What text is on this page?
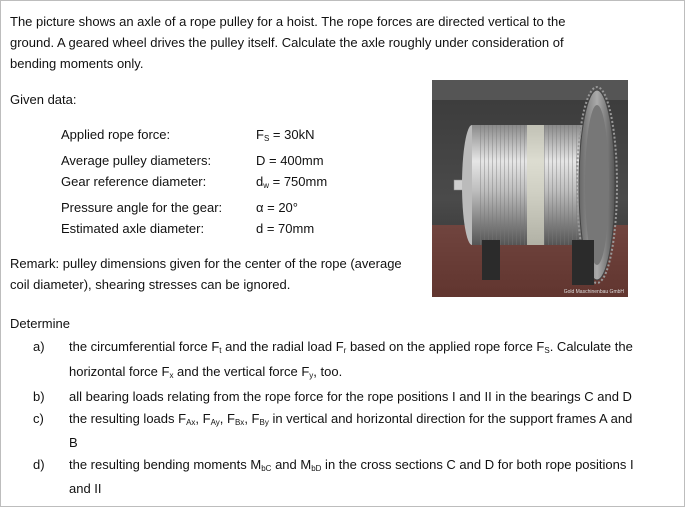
The picture shows an axle of a rope pulley for a hoist. The rope forces are directed vertical to the ground. A geared wheel drives the pulley itself. Calculate the axle roughly under consideration of bending moments only.
Given data:
Applied rope force:	$F_S = 30kN$
Average pulley diameters:	D = 400mm
Gear reference diameter:	$d_w = 750mm$
Pressure angle for the gear:	α = 20°
Estimated axle diameter:	d = 70mm
Remark: pulley dimensions given for the center of the rope (average coil diameter), shearing stresses can be ignored.	Gold Maschinenbau GmbH
Determine
a)	the circumferential force $F_t$ and the radial load $F_r$ based on the applied rope force $F_S$. Calculate the horizontal force $F_x$ and the vertical force $F_y$, too.
b)	all bearing loads relating from the rope force for the rope positions I and II in the bearings C and D
c)	the resulting loads $F_{Ax}$, $F_{Ay}$, $F_{Bx}$, $F_{By}$ in vertical and horizontal direction for the support frames A and B
d)	the resulting bending moments $M_{bC}$ and $M_{bD}$ in the cross sections C and D for both rope positions I and II
